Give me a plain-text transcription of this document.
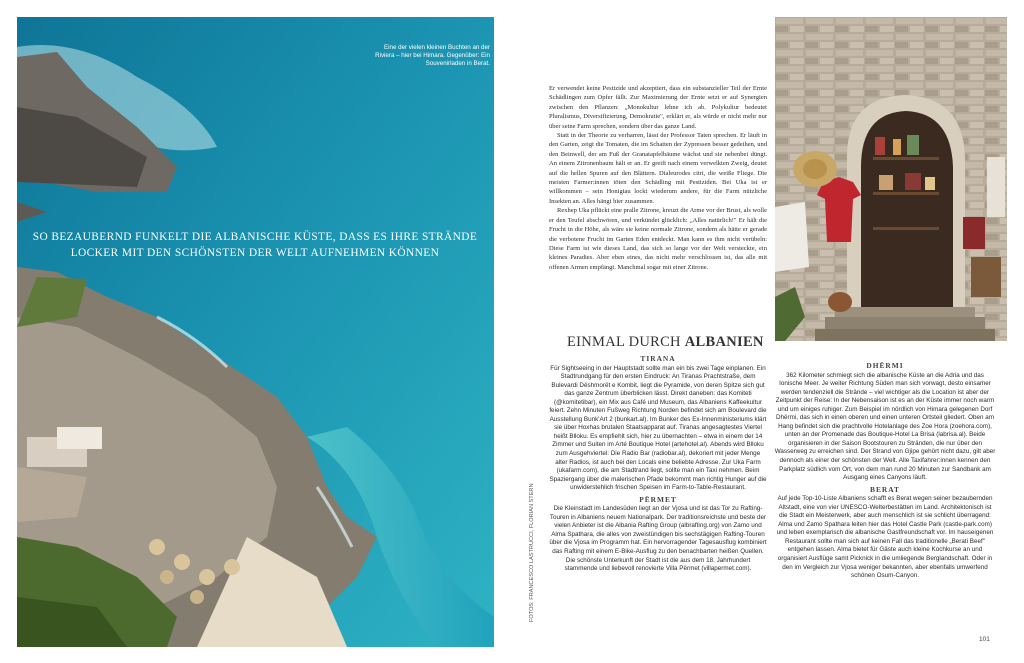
Eine der vielen kleinen Buchten an der Riviera – hier bei Himara. Gegenüber: Ein Souvenirladen in Berat.
SO BEZAUBERND FUNKELT DIE ALBANISCHE KÜSTE, DASS ES IHRE STRÄNDE LOCKER MIT DEN SCHÖNSTEN DER WELT AUFNEHMEN KÖNNEN
FOTOS: FRANCESCO LASTRUCCI, FLORIAN STERN

Er verwendet keine Pestizide und akzeptiert, dass ein substanzieller Teil der Ernte Schädlingen zum Opfer fällt. Zur Maximierung der Ernte setzt er auf Synergien zwischen den Pflanzen: „Monokultur lehne ich ab. Polykultur bedeutet Pluralismus, Diversifizierung, Demokratie", erklärt er, als würde er nicht mehr nur über seine Farm sprechen, sondern über das ganze Land.

Statt in der Theorie zu verharren, lässt der Professor Taten sprechen. Er läuft in den Garten, zeigt die Tomaten, die im Schatten der Zypressen besser gedeihen, und den Beinwell, der am Fuß der Granatapfelbäume wächst und sie nebenbei düngt. An einem Zitronenbaum hält er an. Er greift nach einem verwelkten Zweig, deutet auf die hellen Spuren auf den Blättern. Dialeurodes citri, die weiße Fliege. Die meisten Farmer:innen töten den Schädling mit Pestiziden. Bei Uka ist er willkommen – sein Honigtau lockt wiederum andere, für die Farm nützliche Insekten an. Alles hängt hier zusammen.

Rexhep Uka pflückt eine pralle Zitrone, kreuzt die Arme vor der Brust, als wolle er den Teufel abschwören, und verkündet glücklich: „Alles natürlich!" Er hält die Frucht in die Höhe, als wäre sie keine normale Zitrone, sondern als hätte er gerade die verbotene Frucht im Garten Eden entdeckt. Man kann es ihm nicht verübeln: Diese Farm ist wie dieses Land, das sich so lange vor der Welt versteckte, ein kleines Paradies. Aber eben eines, das nicht mehr verschlossen ist, das alle mit offenen Armen empfängt. Manchmal sogar mit einer Zitrone.

EINMAL DURCH ALBANIEN
TIRANA

Für Sightseeing in der Hauptstadt sollte man ein bis zwei Tage einplanen. Ein Stadtrundgang für den ersten Eindruck: An Tiranas Prachtstraße, dem Bulevardi Dëshmorët e Kombit, liegt die Pyramide, von deren Spitze sich gut das ganze Zentrum überblicken lässt. Direkt daneben: das Komiteti (@komitetibar), ein Mix aus Café und Museum, das Albaniens Kaffeekultur feiert. Zehn Minuten Fußweg Richtung Norden befindet sich am Boulevard die Ausstellung Bunk'Art 2 (bunkart.al). Im Bunker des Ex-Innenministeriums klärt sie über Hoxhas brutalen Staatsapparat auf. Tiranas angesagtestes Viertel heißt Blloku. Es empfiehlt sich, hier zu übernachten – etwa in einem der 14 Zimmer und Suiten im Arté Boutique Hotel (artehotel.al). Abends wird Blloku zum Ausgehviertel: Die Radio Bar (radiobar.al), dekoriert mit jeder Menge alter Radios, ist auch bei den Locals eine beliebte Adresse. Zur Uka Farm (ukafarm.com), die am Stadtrand liegt, sollte man ein Taxi nehmen. Beim Spaziergang über die malerischen Pfade bekommt man richtig Hunger auf die unwiderstehlich frischen Speisen im Farm-to-Table-Restaurant.

PËRMET

Die Kleinstadt im Landesüden liegt an der Vjosa und ist das Tor zu Rafting-Touren in Albaniens neuem Nationalpark. Der traditionsreichste und beste der vielen Anbieter ist die Albania Rafting Group (albrafting.org) von Zamo und Alma Spathara, die alles von zweistündigen bis sechstägigen Rafting-Touren über die Vjosa im Programm hat. Ein hervorragender Tagesausflug kombiniert das Rafting mit einem E-Bike-Ausflug zu den benachbarten heißen Quellen. Die schönste Unterkunft der Stadt ist die aus dem 18. Jahrhundert stammende und liebevoll renovierte Villa Përmet (villapermet.com).

DHËRMI

362 Kilometer schmiegt sich die albanische Küste an die Adria und das Ionische Meer. Je weiter Richtung Süden man sich vorwagt, desto einsamer werden tendenziell die Strände – viel wichtiger als die Location ist aber der Zeitpunkt der Reise: In der Nebensaison ist es an der Küste immer noch warm und um einiges ruhiger. Zum Beispiel im nördlich von Himara gelegenen Dorf Dhërmi, das sich in einen oberen und einen unteren Ortsteil gliedert. Oben am Hang befindet sich die prachtvolle Hotelanlage des Zoe Hora (zoehora.com), unten an der Promenade das Boutique-Hotel La Brisa (labrisa.al). Beide organisieren in der Saison Bootstouren zu Stränden, die nur über den Wasserweg zu erreichen sind. Der Strand von Gjipe gehört nicht dazu, gilt aber dennoch als einer der schönsten der Welt. Alle Taxifahrer:innen kennen den Parkplatz südlich vom Ort, von dem man rund 20 Minuten zur Sandbank am Ausgang eines Canyons läuft.

BERAT

Auf jede Top-10-Liste Albaniens schafft es Berat wegen seiner bezaubernden Altstadt, eine von vier UNESCO-Welterbestätten im Land. Architektonisch ist die Stadt ein Meisterwerk, aber auch menschlich ist sie schlicht überragend: Alma und Zamo Spathara leiten hier das Hotel Castle Park (castle-park.com) und leben exemplarisch die albanische Gastfreundschaft vor. Im hauseigenen Restaurant sollte man sich auf keinen Fall das traditionelle „Berati Beef" entgehen lassen. Alma bietet für Gäste auch kleine Kochkurse an und organisiert Ausflüge samt Picknick in die umliegende Berglandschaft. Oder in den im Vergleich zur Vjosa weniger bekannten, aber ebenfalls umwerfend schönen Osum-Canyon.

101
